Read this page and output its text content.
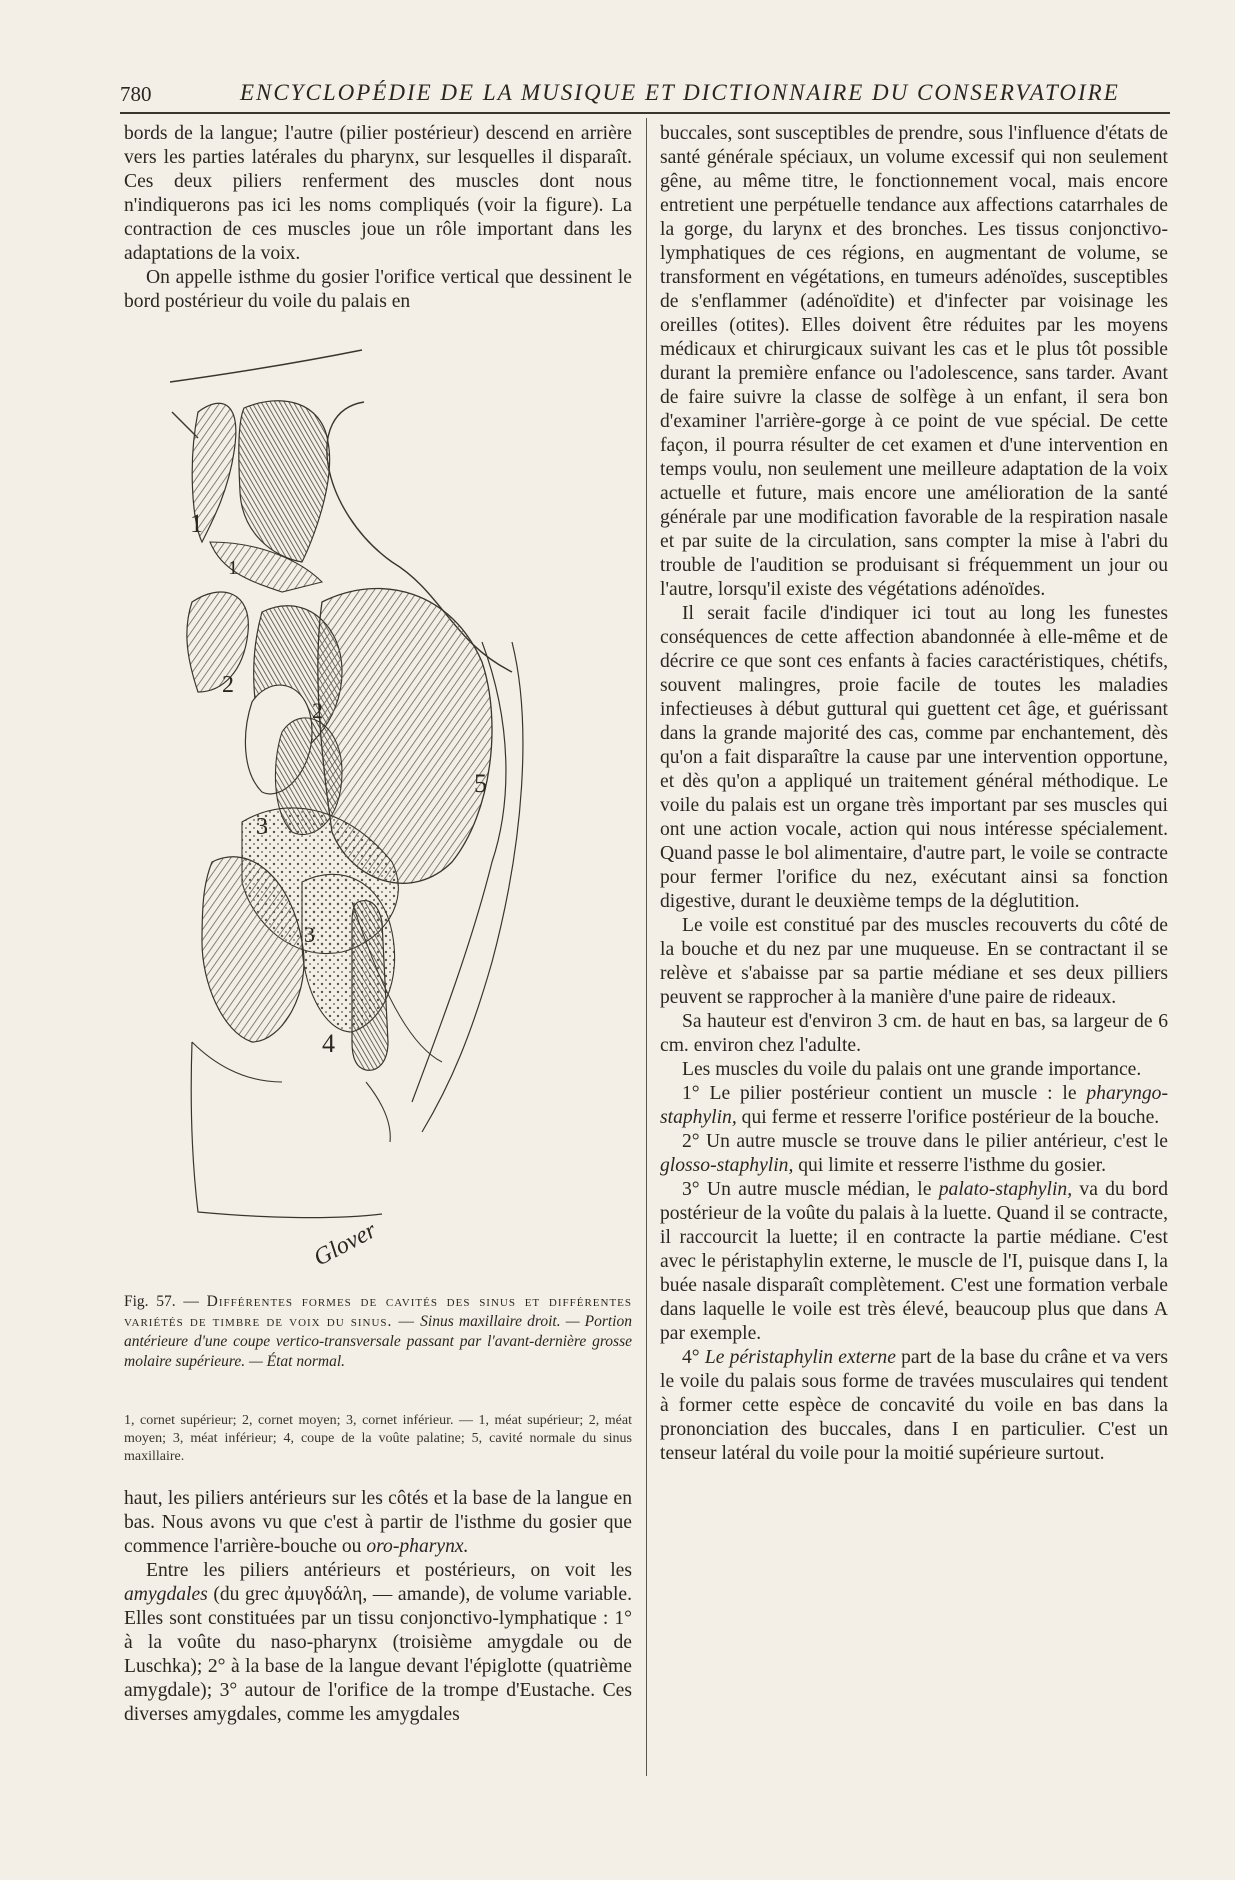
780	ENCYCLOPÉDIE DE LA MUSIQUE ET DICTIONNAIRE DU CONSERVATOIRE

bords de la langue; l'autre (pilier postérieur) descend en arrière vers les parties latérales du pharynx, sur lesquelles il disparaît. Ces deux piliers renferment des muscles dont nous n'indiquerons pas ici les noms compliqués (voir la figure). La contraction de ces muscles joue un rôle important dans les adaptations de la voix.

On appelle isthme du gosier l'orifice vertical que dessinent le bord postérieur du voile du palais en

1
1
2
2
3
3
4
5
Glover
Fig. 57. — Différentes formes de cavités des sinus et différentes variétés de timbre de voix du sinus. — Sinus maxillaire droit. — Portion antérieure d'une coupe vertico-transversale passant par l'avant-dernière grosse molaire supérieure. — État normal.
1, cornet supérieur; 2, cornet moyen; 3, cornet inférieur. — 1, méat supérieur; 2, méat moyen; 3, méat inférieur; 4, coupe de la voûte palatine; 5, cavité normale du sinus maxillaire.

haut, les piliers antérieurs sur les côtés et la base de la langue en bas. Nous avons vu que c'est à partir de l'isthme du gosier que commence l'arrière-bouche ou oro-pharynx.

Entre les piliers antérieurs et postérieurs, on voit les amygdales (du grec ἀμυγδάλη, — amande), de volume variable. Elles sont constituées par un tissu conjonctivo-lymphatique : 1° à la voûte du naso-pharynx (troisième amygdale ou de Luschka); 2° à la base de la langue devant l'épiglotte (quatrième amygdale); 3° autour de l'orifice de la trompe d'Eustache. Ces diverses amygdales, comme les amygdales

buccales, sont susceptibles de prendre, sous l'influence d'états de santé générale spéciaux, un volume excessif qui non seulement gêne, au même titre, le fonctionnement vocal, mais encore entretient une perpétuelle tendance aux affections catarrhales de la gorge, du larynx et des bronches. Les tissus conjonctivo-lymphatiques de ces régions, en augmentant de volume, se transforment en végétations, en tumeurs adénoïdes, susceptibles de s'enflammer (adénoïdite) et d'infecter par voisinage les oreilles (otites). Elles doivent être réduites par les moyens médicaux et chirurgicaux suivant les cas et le plus tôt possible durant la première enfance ou l'adolescence, sans tarder. Avant de faire suivre la classe de solfège à un enfant, il sera bon d'examiner l'arrière-gorge à ce point de vue spécial. De cette façon, il pourra résulter de cet examen et d'une intervention en temps voulu, non seulement une meilleure adaptation de la voix actuelle et future, mais encore une amélioration de la santé générale par une modification favorable de la respiration nasale et par suite de la circulation, sans compter la mise à l'abri du trouble de l'audition se produisant si fréquemment un jour ou l'autre, lorsqu'il existe des végétations adénoïdes.

Il serait facile d'indiquer ici tout au long les funestes conséquences de cette affection abandonnée à elle-même et de décrire ce que sont ces enfants à facies caractéristiques, chétifs, souvent malingres, proie facile de toutes les maladies infectieuses à début guttural qui guettent cet âge, et guérissant dans la grande majorité des cas, comme par enchantement, dès qu'on a fait disparaître la cause par une intervention opportune, et dès qu'on a appliqué un traitement général méthodique. Le voile du palais est un organe très important par ses muscles qui ont une action vocale, action qui nous intéresse spécialement. Quand passe le bol alimentaire, d'autre part, le voile se contracte pour fermer l'orifice du nez, exécutant ainsi sa fonction digestive, durant le deuxième temps de la déglutition.

Le voile est constitué par des muscles recouverts du côté de la bouche et du nez par une muqueuse. En se contractant il se relève et s'abaisse par sa partie médiane et ses deux pilliers peuvent se rapprocher à la manière d'une paire de rideaux.

Sa hauteur est d'environ 3 cm. de haut en bas, sa largeur de 6 cm. environ chez l'adulte.

Les muscles du voile du palais ont une grande importance.

1° Le pilier postérieur contient un muscle : le pharyngo-staphylin, qui ferme et resserre l'orifice postérieur de la bouche.

2° Un autre muscle se trouve dans le pilier antérieur, c'est le glosso-staphylin, qui limite et resserre l'isthme du gosier.

3° Un autre muscle médian, le palato-staphylin, va du bord postérieur de la voûte du palais à la luette. Quand il se contracte, il raccourcit la luette; il en contracte la partie médiane. C'est avec le péristaphylin externe, le muscle de l'I, puisque dans I, la buée nasale disparaît complètement. C'est une formation verbale dans laquelle le voile est très élevé, beaucoup plus que dans A par exemple.

4° Le péristaphylin externe part de la base du crâne et va vers le voile du palais sous forme de travées musculaires qui tendent à former cette espèce de concavité du voile en bas dans la prononciation des buccales, dans I en particulier. C'est un tenseur latéral du voile pour la moitié supérieure surtout.
